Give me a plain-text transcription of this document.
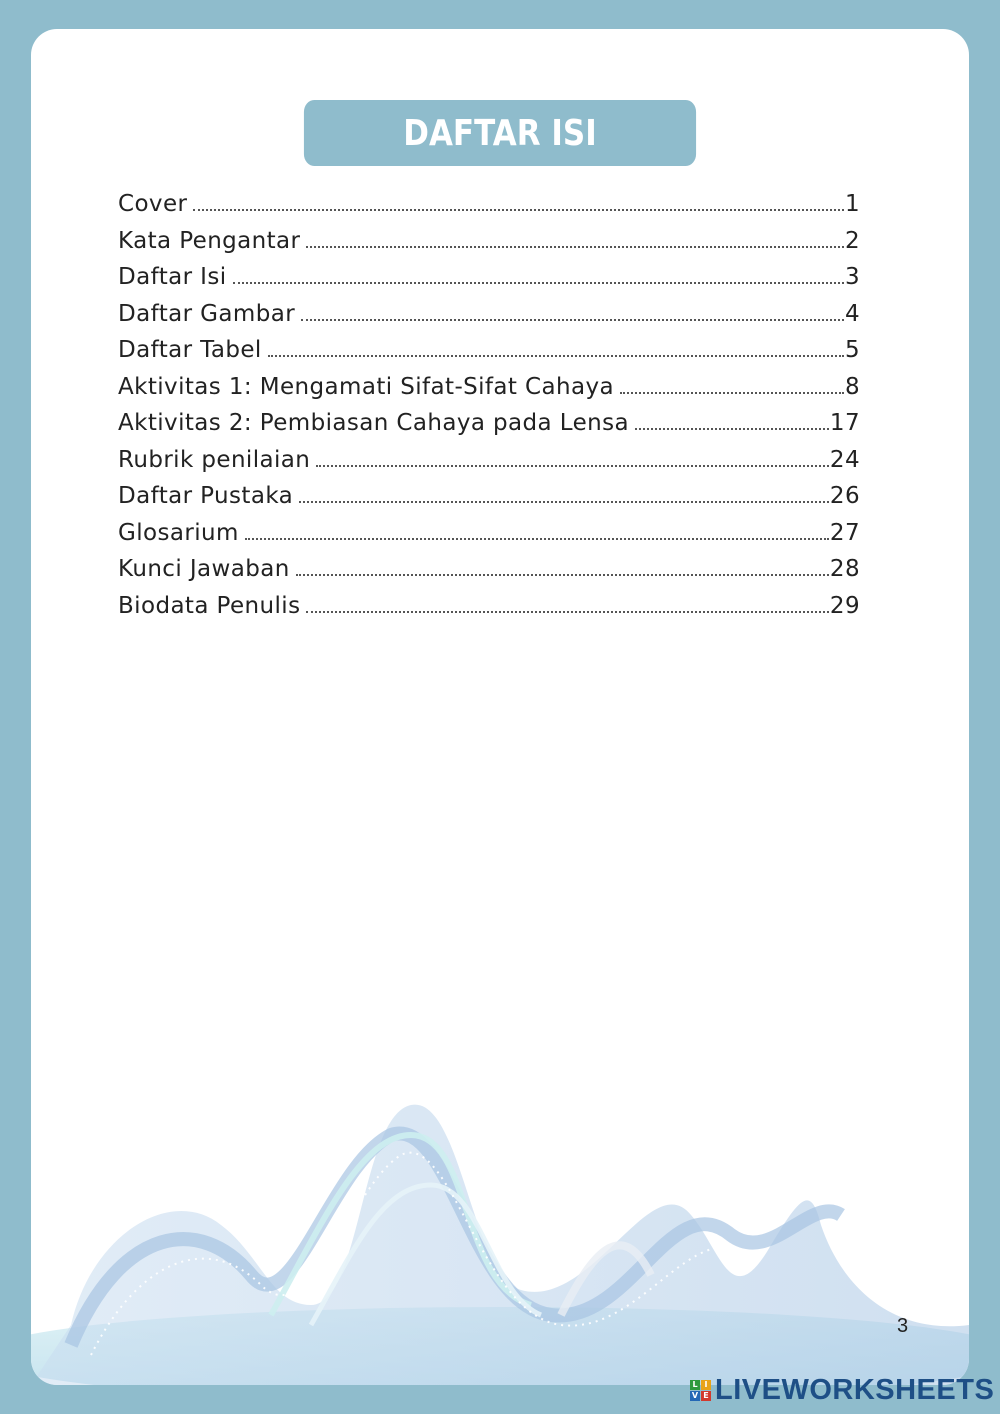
DAFTAR ISI
Cover	1
Kata Pengantar	2
Daftar Isi	3
Daftar Gambar	4
Daftar Tabel	5
Aktivitas 1: Mengamati Sifat-Sifat Cahaya	8
Aktivitas 2: Pembiasan Cahaya pada Lensa	17
Rubrik penilaian	24
Daftar Pustaka	26
Glosarium	27
Kunci Jawaban	28
Biodata Penulis	29
3
L I
V E LIVEWORKSHEETS
